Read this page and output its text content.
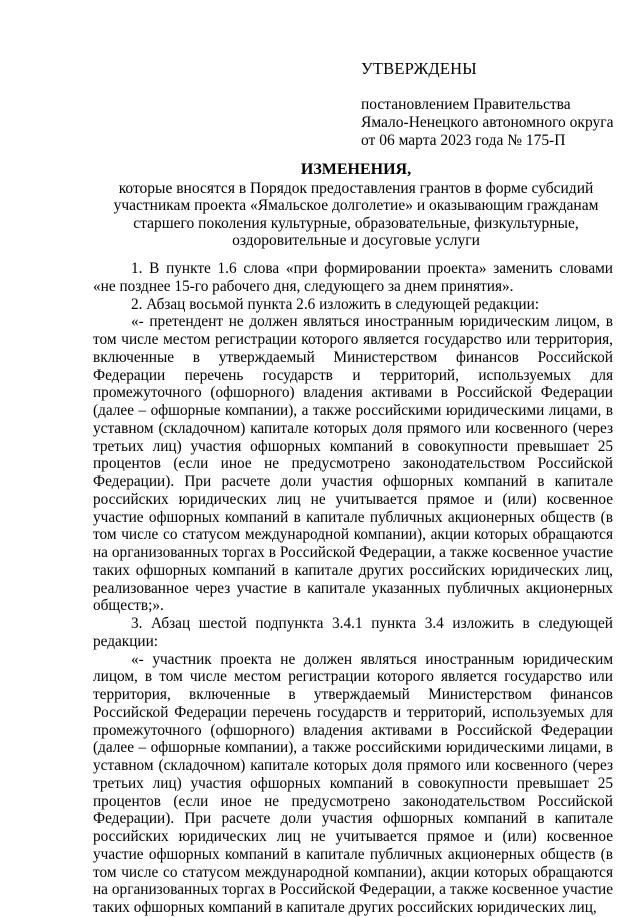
УТВЕРЖДЕНЫ
постановлением Правительства
Ямало-Ненецкого автономного округа
от 06 марта 2023 года № 175-П
ИЗМЕНЕНИЯ,
которые вносятся в Порядок предоставления грантов в форме субсидий
участникам проекта «Ямальское долголетие» и оказывающим гражданам
старшего поколения культурные, образовательные, физкультурные,
оздоровительные и досуговые услуги

1. В пункте 1.6 слова «при формировании проекта» заменить словами «не позднее 15-го рабочего дня, следующего за днем принятия».

2. Абзац восьмой пункта 2.6 изложить в следующей редакции:

«- претендент не должен являться иностранным юридическим лицом, в том числе местом регистрации которого является государство или территория, включенные в утверждаемый Министерством финансов Российской Федерации перечень государств и территорий, используемых для промежуточного (офшорного) владения активами в Российской Федерации (далее – офшорные компании), а также российскими юридическими лицами, в уставном (складочном) капитале которых доля прямого или косвенного (через третьих лиц) участия офшорных компаний в совокупности превышает 25 процентов (если иное не предусмотрено законодательством Российской Федерации). При расчете доли участия офшорных компаний в капитале российских юридических лиц не учитывается прямое и (или) косвенное участие офшорных компаний в капитале публичных акционерных обществ (в том числе со статусом международной компании), акции которых обращаются на организованных торгах в Российской Федерации, а также косвенное участие таких офшорных компаний в капитале других российских юридических лиц, реализованное через участие в капитале указанных публичных акционерных обществ;».

3. Абзац шестой подпункта 3.4.1 пункта 3.4 изложить в следующей редакции:

«- участник проекта не должен являться иностранным юридическим лицом, в том числе местом регистрации которого является государство или территория, включенные в утверждаемый Министерством финансов Российской Федерации перечень государств и территорий, используемых для промежуточного (офшорного) владения активами в Российской Федерации (далее – офшорные компании), а также российскими юридическими лицами, в уставном (складочном) капитале которых доля прямого или косвенного (через третьих лиц) участия офшорных компаний в совокупности превышает 25 процентов (если иное не предусмотрено законодательством Российской Федерации). При расчете доли участия офшорных компаний в капитале российских юридических лиц не учитывается прямое и (или) косвенное участие офшорных компаний в капитале публичных акционерных обществ (в том числе со статусом международной компании), акции которых обращаются на организованных торгах в Российской Федерации, а также косвенное участие таких офшорных компаний в капитале других российских юридических лиц,
